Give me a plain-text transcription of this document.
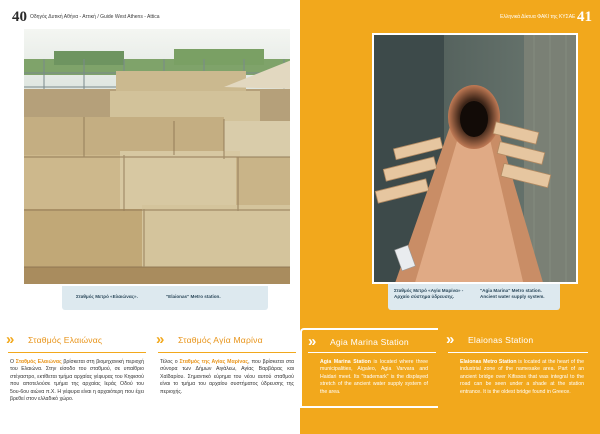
40 Οδηγός Δυτική Αθήνα - Αττική / Guide West Athens - Attica
Σταθμός Μετρό «Ελαιώνας».	"Elaionas" Metro station.
» Σταθμός Ελαιώνας
Ο Σταθμός Ελαιώνας βρίσκεται στη βιομηχανική περιοχή του Ελαιώνα. Στην είσοδο του σταθμού, σε υπαίθριο στέγαστρο, εκτίθεται τμήμα αρχαίας γέφυρας του Κηφισού που αποτελούσε τμήμα της αρχαίας Ιεράς Οδού του 5ου-6ου αιώνα π.Χ. Η γέφυρα είναι η αρχαιότερη που έχει βρεθεί στον ελλαδικό χώρο.
» Σταθμός Αγία Μαρίνα
Τέλος ο Σταθμός της Αγίας Μαρίνας, που βρίσκεται στα σύνορα των Δήμων Αιγάλεω, Αγίας Βαρβάρας και Χαϊδαρίου. Σημαντικό εύρημα του νέου αυτού σταθμού είναι το τμήμα του αρχαίου συστήματος ύδρευσης της περιοχής.
Ελληνικά Δίκτυα ΦΑΚΙ της ΚΥΣΑΕ 41
Σταθμός Μετρό «Αγία Μαρίνα» - Αρχαίο σύστημα ύδρευσης.
"Agia Marina" Metro station. Ancient water supply system.
» Agia Marina Station
Agia Marina Station is located where three municipalities, Aigaleo, Agia Varvara and Haidari meet. Its "trademark" is the displayed stretch of the ancient water supply system of the area.
» Elaionas Station
Elaionas Metro Station is located at the heart of the industrial zone of the namesake area. Part of an ancient bridge over Kifissos that was integral to the road can be seen under a shade at the station entrance. It is the oldest bridge found in Greece.
